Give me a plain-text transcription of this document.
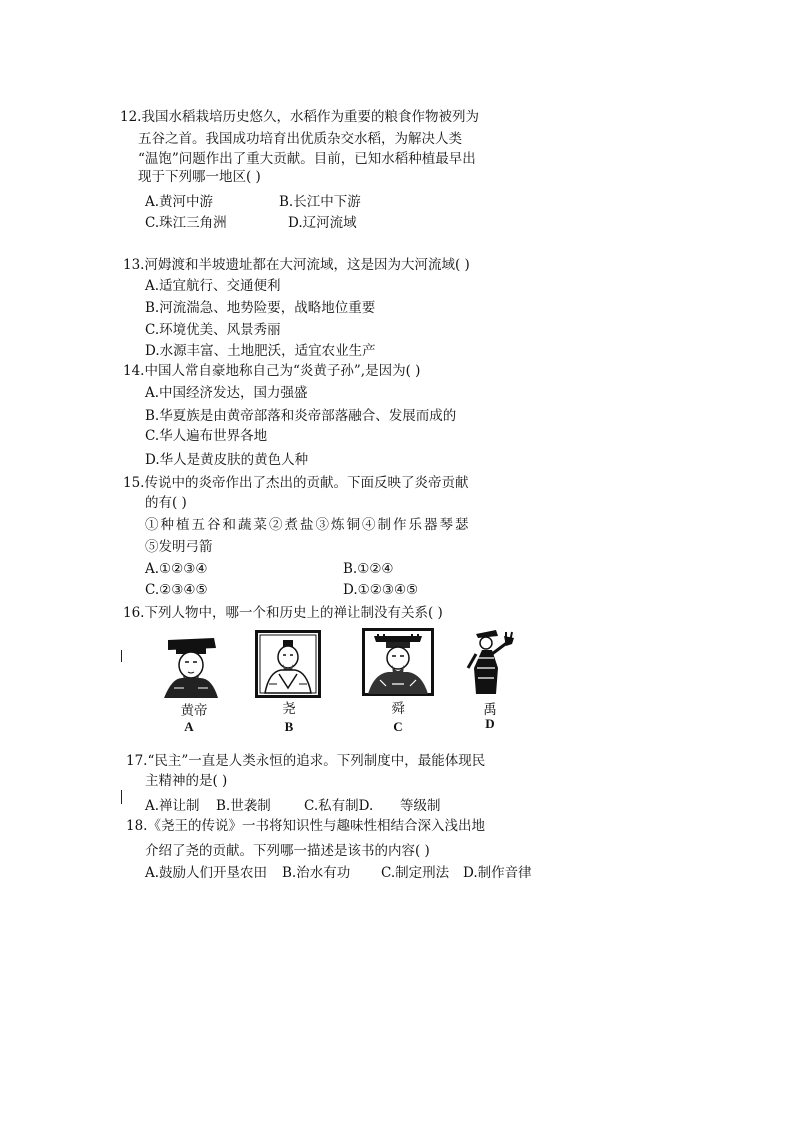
12.我国水稻栽培历史悠久，水稻作为重要的粮食作物被列为
五谷之首。我国成功培育出优质杂交水稻，为解决人类
“温饱”问题作出了重大贡献。目前，已知水稻种植最早出
现于下列哪一地区( )
A.黄河中游	B.长江中下游
C.珠江三角洲	D.辽河流域
13.河姆渡和半坡遗址都在大河流域，这是因为大河流域( )
A.适宜航行、交通便利
B.河流湍急、地势险要，战略地位重要
C.环境优美、风景秀丽
D.水源丰富、土地肥沃，适宜农业生产
14.中国人常自豪地称自己为“炎黄子孙”,是因为( )
A.中国经济发达，国力强盛
B.华夏族是由黄帝部落和炎帝部落融合、发展而成的
C.华人遍布世界各地
D.华人是黄皮肤的黄色人种
15.传说中的炎帝作出了杰出的贡献。下面反映了炎帝贡献
的有( )
①种植五谷和蔬菜②煮盐③炼铜④制作乐器琴瑟
⑤发明弓箭
A.①②③④	B.①②④
C.②③④⑤	D.①②③④⑤
16.下列人物中，哪一个和历史上的禅让制没有关系( )
黄帝	尧	舜	禹
A	B	C	D
17.“民主”一直是人类永恒的追求。下列制度中，最能体现民
主精神的是( )
A.禅让制 B.世袭制 C.私有制D. 等级制
18.《尧王的传说》一书将知识性与趣味性相结合深入浅出地
介绍了尧的贡献。下列哪一描述是该书的内容( )
A.鼓励人们开垦农田 B.治水有功 C.制定刑法 D.制作音律
